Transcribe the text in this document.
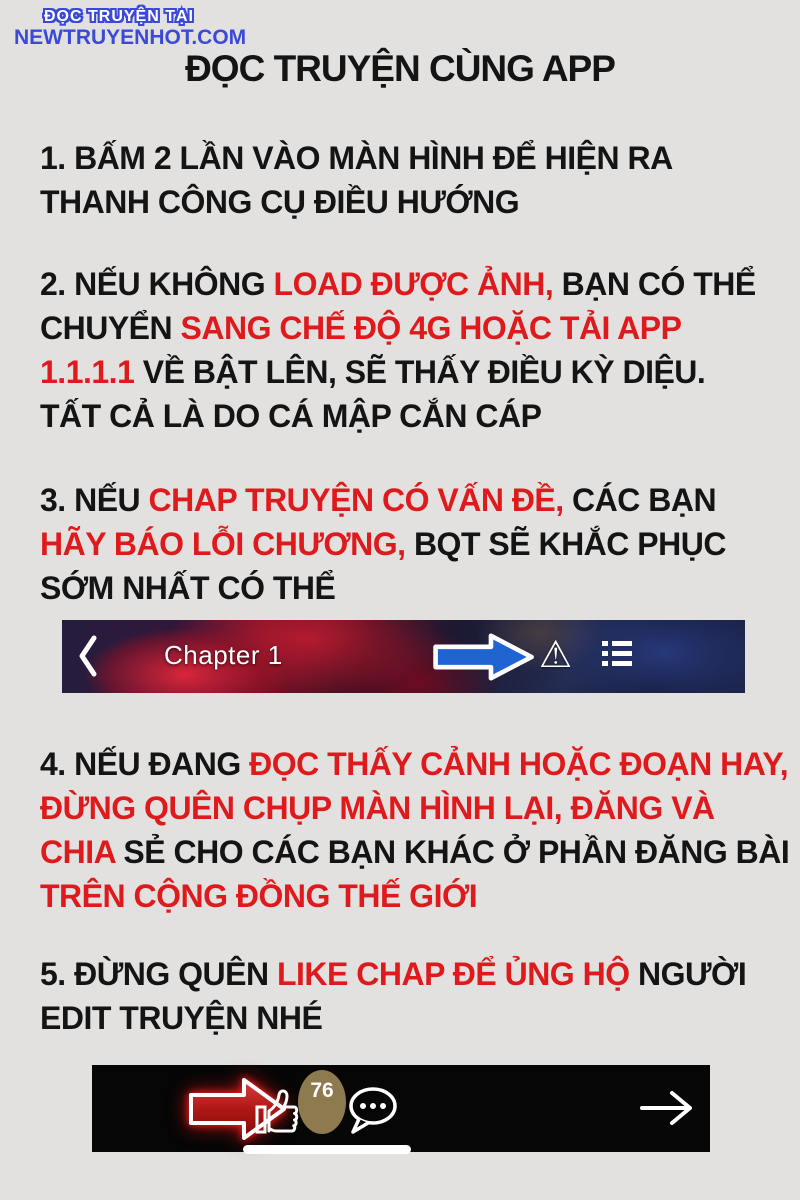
ĐỌC TRUYỆN TẠI
NEWTRUYENHOT.COM
ĐỌC TRUYỆN CÙNG APP
1. BẤM 2 LẦN VÀO MÀN HÌNH ĐỂ HIỆN RA
THANH CÔNG CỤ ĐIỀU HƯỚNG
2. NẾU KHÔNG LOAD ĐƯỢC ẢNH, BẠN CÓ THỂ
CHUYỂN SANG CHẾ ĐỘ 4G HOẶC TẢI APP
1.1.1.1 VỀ BẬT LÊN, SẼ THẤY ĐIỀU KỲ DIỆU.
TẤT CẢ LÀ DO CÁ MẬP CẮN CÁP
3. NẾU CHAP TRUYỆN CÓ VẤN ĐỀ, CÁC BẠN
HÃY BÁO LỖI CHƯƠNG, BQT SẼ KHẮC PHỤC
SỚM NHẤT CÓ THỂ
4. NẾU ĐANG ĐỌC THẤY CẢNH HOẶC ĐOẠN HAY,
ĐỪNG QUÊN CHỤP MÀN HÌNH LẠI, ĐĂNG VÀ
CHIA SẺ CHO CÁC BẠN KHÁC Ở PHẦN ĐĂNG BÀI
TRÊN CỘNG ĐỒNG THẾ GIỚI
5. ĐỪNG QUÊN LIKE CHAP ĐỂ ỦNG HỘ NGƯỜI
EDIT TRUYỆN NHÉ
Chapter 1	⚠
76
